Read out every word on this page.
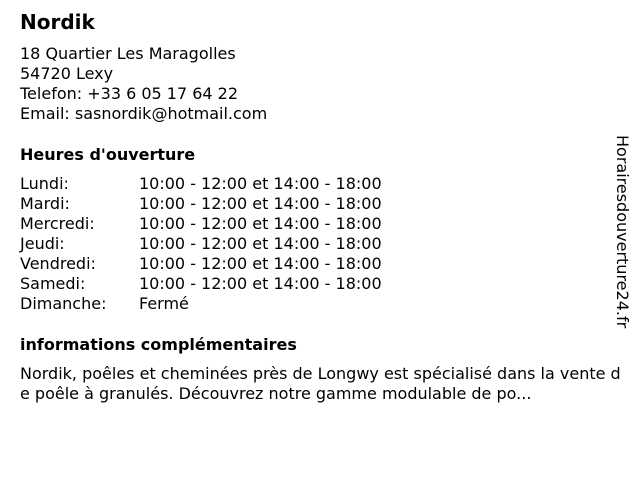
Nordik
18 Quartier Les Maragolles
54720 Lexy
Telefon: +33 6 05 17 64 22
Email: sasnordik@hotmail.com
Heures d'ouverture
Lundi:	10:00 - 12:00 et 14:00 - 18:00
Mardi:	10:00 - 12:00 et 14:00 - 18:00
Mercredi:	10:00 - 12:00 et 14:00 - 18:00
Jeudi:	10:00 - 12:00 et 14:00 - 18:00
Vendredi:	10:00 - 12:00 et 14:00 - 18:00
Samedi:	10:00 - 12:00 et 14:00 - 18:00
Dimanche: Fermé
informations complémentaires
Nordik, poêles et cheminées près de Longwy est spécialisé dans la vente de poêle à granulés. Découvrez notre gamme modulable de po...
Horairesdouverture24.fr
